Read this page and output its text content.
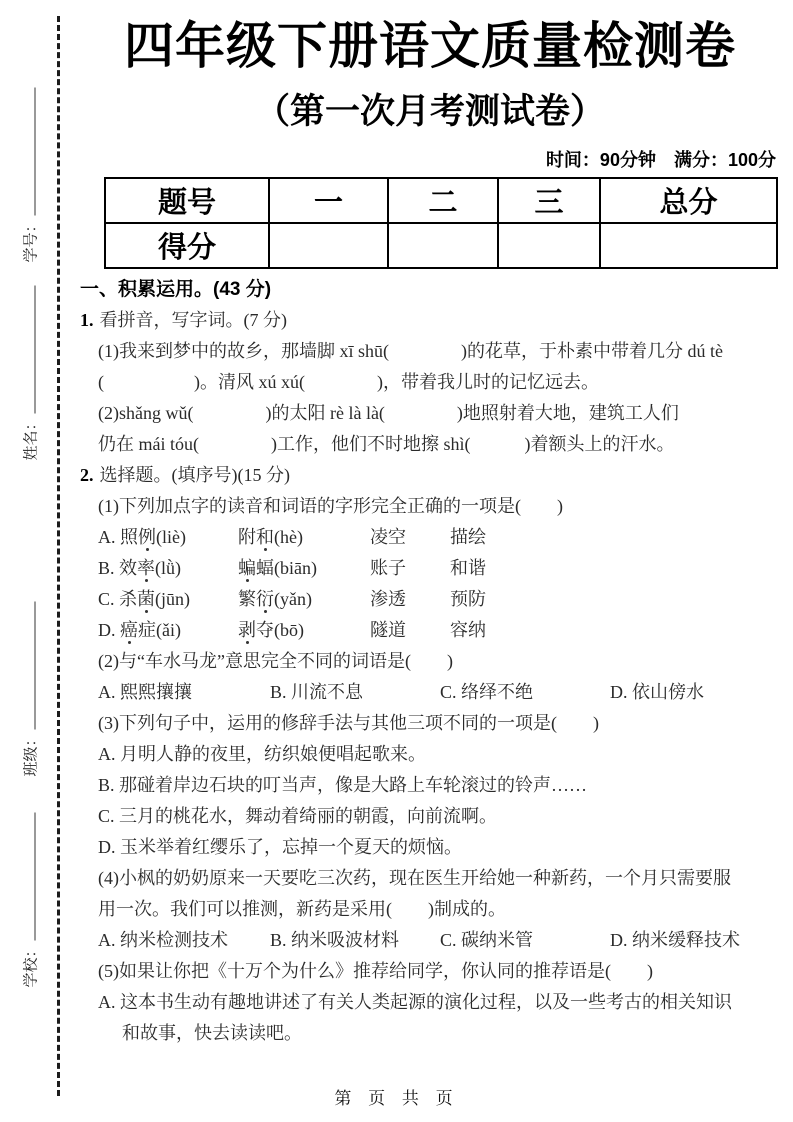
学号：
姓名：
班级：
学校：
四年级下册语文质量检测卷
（第一次月考测试卷）
时间：90分钟　满分：100分
题号	一	二	三	总分
得分				
一、积累运用。(43 分)
1. 看拼音，写字词。(7 分)
(1)我来到梦中的故乡，那墙脚 xī shū(　　　　)的花草，于朴素中带着几分 dú tè
(　　　　　)。清风 xú xú(　　　　)，带着我儿时的记忆远去。
(2)shǎng wǔ(　　　　)的太阳 rè là là(　　　　)地照射着大地，建筑工人们
仍在 mái tóu(　　　　)工作，他们不时地擦 shì(　　　)着额头上的汗水。
2. 选择题。(填序号)(15 分)
(1)下列加点字的读音和词语的字形完全正确的一项是(　　)
A. 照例(liè)	附和(hè)	凌空	描绘
B. 效率(lǜ)	蝙蝠(biān)	账子	和谐
C. 杀菌(jūn)	繁衍(yǎn)	渗透	预防
D. 癌症(ǎi)	剥夺(bō)	隧道	容纳
(2)与“车水马龙”意思完全不同的词语是(　　)
A. 熙熙攘攘	B. 川流不息	C. 络绎不绝	D. 依山傍水
(3)下列句子中，运用的修辞手法与其他三项不同的一项是(　　)
A. 月明人静的夜里，纺织娘便唱起歌来。
B. 那碰着岸边石块的叮当声，像是大路上车轮滚过的铃声……
C. 三月的桃花水，舞动着绮丽的朝霞，向前流啊。
D. 玉米举着红缨乐了，忘掉一个夏天的烦恼。
(4)小枫的奶奶原来一天要吃三次药，现在医生开给她一种新药，一个月只需要服
用一次。我们可以推测，新药是采用(　　)制成的。
A. 纳米检测技术	B. 纳米吸波材料	C. 碳纳米管	D. 纳米缓释技术
(5)如果让你把《十万个为什么》推荐给同学，你认同的推荐语是(　　)
A. 这本书生动有趣地讲述了有关人类起源的演化过程，以及一些考古的相关知识
和故事，快去读读吧。
第 页 共 页
